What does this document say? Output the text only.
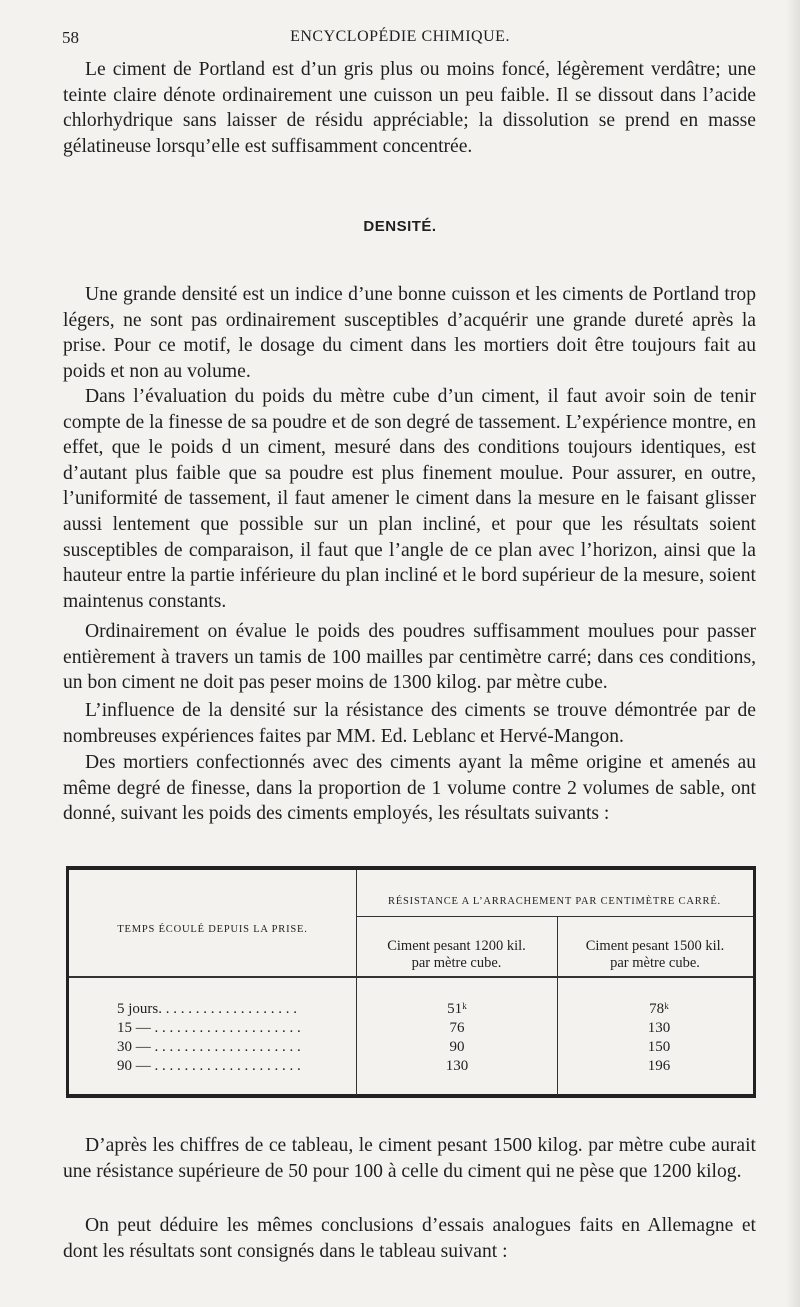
58	ENCYCLOPÉDIE CHIMIQUE.

Le ciment de Portland est d’un gris plus ou moins foncé, légèrement verdâtre; une teinte claire dénote ordinairement une cuisson un peu faible. Il se dissout dans l’acide chlorhydrique sans laisser de résidu appréciable; la dissolution se prend en masse gélatineuse lorsqu’elle est suffisamment concentrée.

DENSITÉ.

Une grande densité est un indice d’une bonne cuisson et les ciments de Portland trop légers, ne sont pas ordinairement susceptibles d’acquérir une grande dureté après la prise. Pour ce motif, le dosage du ciment dans les mortiers doit être toujours fait au poids et non au volume.

Dans l’évaluation du poids du mètre cube d’un ciment, il faut avoir soin de tenir compte de la finesse de sa poudre et de son degré de tassement. L’expérience montre, en effet, que le poids d un ciment, mesuré dans des conditions toujours identiques, est d’autant plus faible que sa poudre est plus finement moulue. Pour assurer, en outre, l’uniformité de tassement, il faut amener le ciment dans la mesure en le faisant glisser aussi lentement que possible sur un plan incliné, et pour que les résultats soient susceptibles de comparaison, il faut que l’angle de ce plan avec l’horizon, ainsi que la hauteur entre la partie inférieure du plan incliné et le bord supérieur de la mesure, soient maintenus constants.

Ordinairement on évalue le poids des poudres suffisamment moulues pour passer entièrement à travers un tamis de 100 mailles par centimètre carré; dans ces conditions, un bon ciment ne doit pas peser moins de 1300 kilog. par mètre cube.

L’influence de la densité sur la résistance des ciments se trouve démontrée par de nombreuses expériences faites par MM. Ed. Leblanc et Hervé-Mangon.

Des mortiers confectionnés avec des ciments ayant la même origine et amenés au même degré de finesse, dans la proportion de 1 volume contre 2 volumes de sable, ont donné, suivant les poids des ciments employés, les résultats suivants :

TEMPS ÉCOULÉ DEPUIS LA PRISE.
RÉSISTANCE A L’ARRACHEMENT PAR CENTIMÈTRE CARRÉ.
Ciment pesant 1200 kil.
par mètre cube.
Ciment pesant 1500 kil.
par mètre cube.
5 jours. . . . . . . . . . . . . . . . . . .	51ᵏ	78ᵏ
15 — . . . . . . . . . . . . . . . . . . . .	76	130
30 — . . . . . . . . . . . . . . . . . . . .	90	150
90 — . . . . . . . . . . . . . . . . . . . .	130	196

D’après les chiffres de ce tableau, le ciment pesant 1500 kilog. par mètre cube aurait une résistance supérieure de 50 pour 100 à celle du ciment qui ne pèse que 1200 kilog.

On peut déduire les mêmes conclusions d’essais analogues faits en Allemagne et dont les résultats sont consignés dans le tableau suivant :
